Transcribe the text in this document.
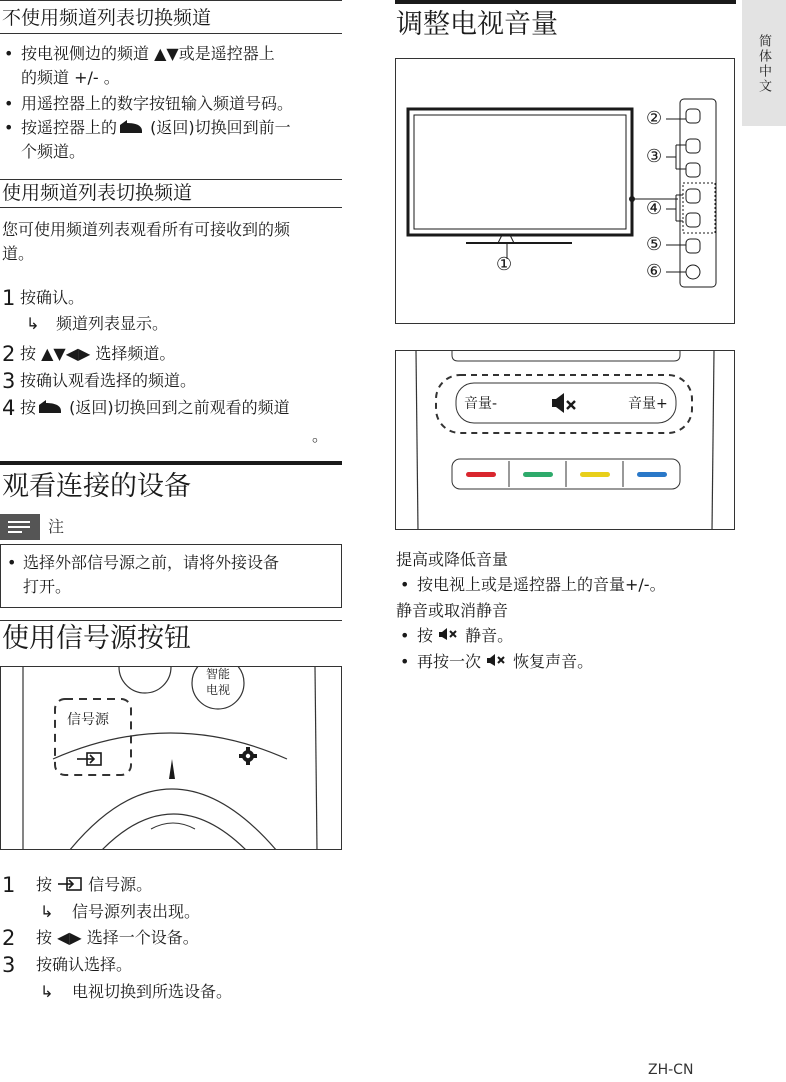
不使用频道列表切换频道
• 按电视侧边的频道 ▲▼或是遥控器上
的频道 +/- 。
• 用遥控器上的数字按钮输入频道号码。
• 按遥控器上的 (返回)切换回到前一
个频道。
使用频道列表切换频道
您可使用频道列表观看所有可接收到的频
道。
1 按确认。
↳ 频道列表显示。
2 按 ▲▼◀▶ 选择频道。
3 按确认观看选择的频道。
4 按 (返回)切换回到之前观看的频道
。
观看连接的设备
注
• 选择外部信号源之前，请将外接设备
打开。
使用信号源按钮
智能
电视
信号源
1 按  信号源。
↳ 信号源列表出现。
2 按 ◀▶ 选择一个设备。
3 按确认选择。
↳ 电视切换到所选设备。
调整电视音量
①
②
③
④
⑤
⑥
音量-	音量+
提高或降低音量
• 按电视上或是遥控器上的音量+/-。
静音或取消静音
• 按  静音。
• 再按一次  恢复声音。
简体中文
ZH-CN
